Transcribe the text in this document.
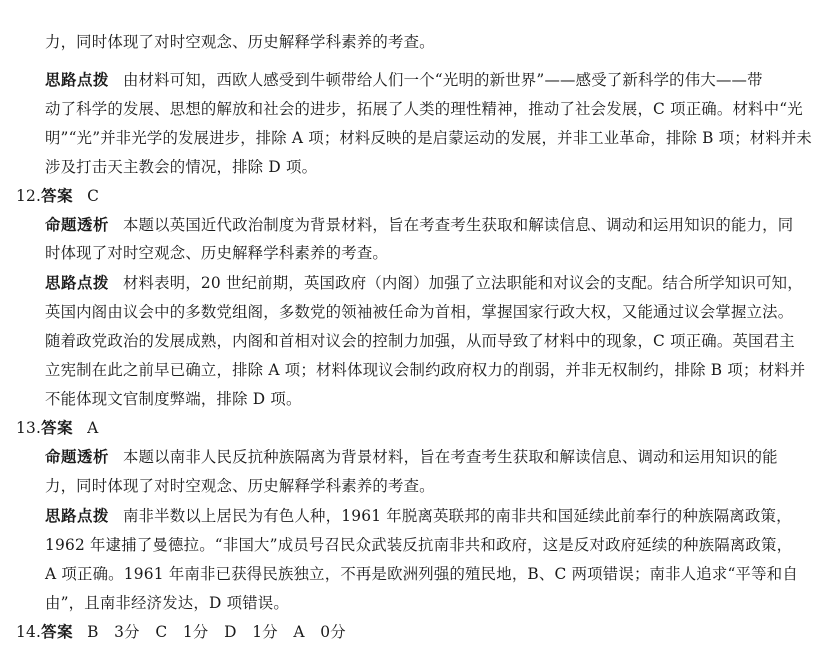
力，同时体现了对时空观念、历史解释学科素养的考查。
思路点拨 由材料可知，西欧人感受到牛顿带给人们一个“光明的新世界”——感受了新科学的伟大——带
动了科学的发展、思想的解放和社会的进步，拓展了人类的理性精神，推动了社会发展，C 项正确。材料中“光
明”“光”并非光学的发展进步，排除 A 项；材料反映的是启蒙运动的发展，并非工业革命，排除 B 项；材料并未
涉及打击天主教会的情况，排除 D 项。
12.答案 C
命题透析 本题以英国近代政治制度为背景材料，旨在考查考生获取和解读信息、调动和运用知识的能力，同
时体现了对时空观念、历史解释学科素养的考查。
思路点拨 材料表明，20 世纪前期，英国政府（内阁）加强了立法职能和对议会的支配。结合所学知识可知，
英国内阁由议会中的多数党组阁，多数党的领袖被任命为首相，掌握国家行政大权，又能通过议会掌握立法。
随着政党政治的发展成熟，内阁和首相对议会的控制力加强，从而导致了材料中的现象，C 项正确。英国君主
立宪制在此之前早已确立，排除 A 项；材料体现议会制约政府权力的削弱，并非无权制约，排除 B 项；材料并
不能体现文官制度弊端，排除 D 项。
13.答案 A
命题透析 本题以南非人民反抗种族隔离为背景材料，旨在考查考生获取和解读信息、调动和运用知识的能
力，同时体现了对时空观念、历史解释学科素养的考查。
思路点拨 南非半数以上居民为有色人种，1961 年脱离英联邦的南非共和国延续此前奉行的种族隔离政策，
1962 年逮捕了曼德拉。“非国大”成员号召民众武装反抗南非共和政府，这是反对政府延续的种族隔离政策，
A 项正确。1961 年南非已获得民族独立，不再是欧洲列强的殖民地，B、C 两项错误；南非人追求“平等和自
由”，且南非经济发达，D 项错误。
14.答案 B　3分　C　1分　D　1分　A　0分
